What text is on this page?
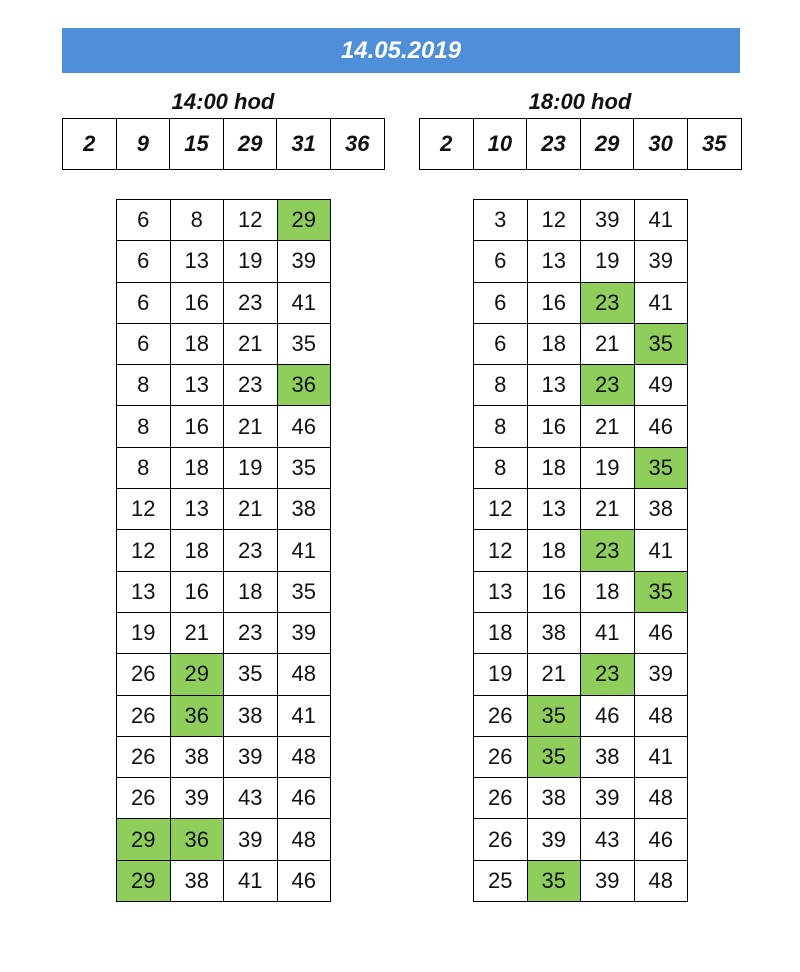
14.05.2019
14:00 hod	18:00 hod
2	9	15	29	31	36	2	10	23	29	30	35
6	8	12	29
6	13	19	39
6	16	23	41
6	18	21	35
8	13	23	36
8	16	21	46
8	18	19	35
12	13	21	38
12	18	23	41
13	16	18	35
19	21	23	39
26	29	35	48
26	36	38	41
26	38	39	48
26	39	43	46
29	36	39	48
29	38	41	46
3	12	39	41
6	13	19	39
6	16	23	41
6	18	21	35
8	13	23	49
8	16	21	46
8	18	19	35
12	13	21	38
12	18	23	41
13	16	18	35
18	38	41	46
19	21	23	39
26	35	46	48
26	35	38	41
26	38	39	48
26	39	43	46
25	35	39	48
